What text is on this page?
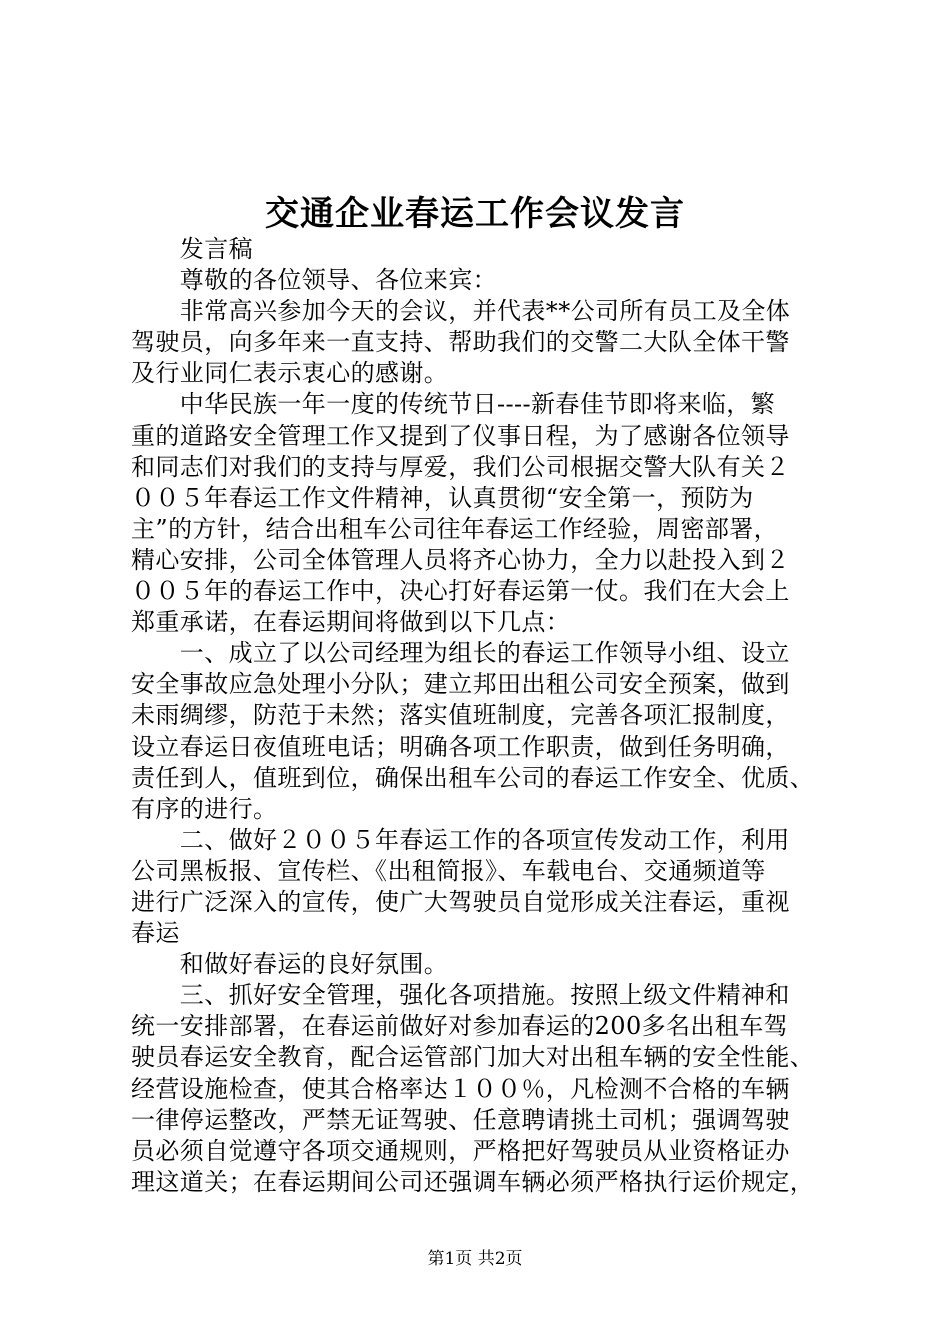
交通企业春运工作会议发言
　　发言稿
　　尊敬的各位领导、各位来宾：
　　非常高兴参加今天的会议，并代表**公司所有员工及全体
驾驶员，向多年来一直支持、帮助我们的交警二大队全体干警
及行业同仁表示衷心的感谢。
　　中华民族一年一度的传统节日----新春佳节即将来临，繁
重的道路安全管理工作又提到了仪事日程，为了感谢各位领导
和同志们对我们的支持与厚爱，我们公司根据交警大队有关２
００５年春运工作文件精神，认真贯彻“安全第一，预防为
主”的方针，结合出租车公司往年春运工作经验，周密部署，
精心安排，公司全体管理人员将齐心协力，全力以赴投入到２
００５年的春运工作中，决心打好春运第一仗。我们在大会上
郑重承诺，在春运期间将做到以下几点：
　　一、成立了以公司经理为组长的春运工作领导小组、设立
安全事故应急处理小分队；建立邦田出租公司安全预案，做到
未雨绸缪，防范于未然；落实值班制度，完善各项汇报制度，
设立春运日夜值班电话；明确各项工作职责，做到任务明确，
责任到人，值班到位，确保出租车公司的春运工作安全、优质、
有序的进行。
　　二、做好２００５年春运工作的各项宣传发动工作，利用
公司黑板报、宣传栏、《出租简报》、车载电台、交通频道等
进行广泛深入的宣传，使广大驾驶员自觉形成关注春运，重视
春运
　　和做好春运的良好氛围。
　　三、抓好安全管理，强化各项措施。按照上级文件精神和
统一安排部署，在春运前做好对参加春运的200多名出租车驾
驶员春运安全教育，配合运管部门加大对出租车辆的安全性能、
经营设施检查，使其合格率达１００％，凡检测不合格的车辆
一律停运整改，严禁无证驾驶、任意聘请挑土司机；强调驾驶
员必须自觉遵守各项交通规则，严格把好驾驶员从业资格证办
理这道关；在春运期间公司还强调车辆必须严格执行运价规定，
第1页 共2页
